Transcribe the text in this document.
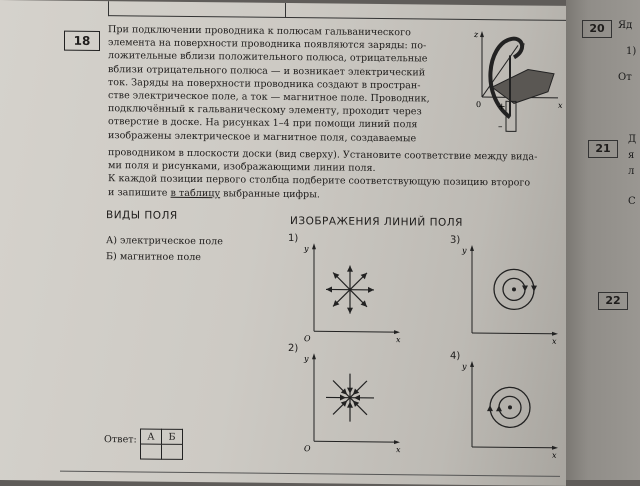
18
При подключении проводника к полюсам гальванического
элемента на поверхности проводника появляются заряды: по-
ложительные вблизи положительного полюса, отрицательные
вблизи отрицательного полюса — и возникает электрический
ток. Заряды на поверхности проводника создают в простран-
стве электрическое поле, а ток — магнитное поле. Проводник,
подключённый к гальваническому элементу, проходит через
отверстие в доске. На рисунках 1–4 при помощи линий поля
изображены электрическое и магнитное поля, создаваемые
проводником в плоскости доски (вид сверху). Установите соответствие между вида-
ми поля и рисунками, изображающими линии поля.
К каждой позиции первого столбца подберите соответствующую позицию второго
и запишите в таблицу выбранные цифры.
z
y
x
0 +
–
ВИДЫ ПОЛЯ
А) электрическое поле
Б) магнитное поле
ИЗОБРАЖЕНИЯ ЛИНИЙ ПОЛЯ
1)
y
x
O
2)
y
x
O
3)
y
x
4)
y
x
Ответ: А	Б

20	Яд
1)
От
21
Д
я
л
С
22
